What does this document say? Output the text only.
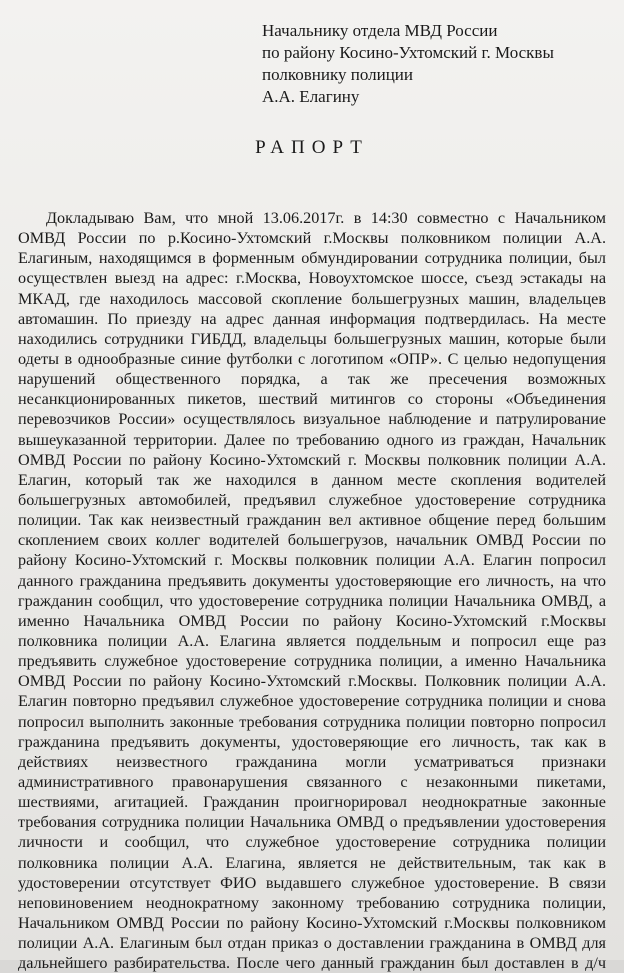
Начальнику отдела МВД России
по району Косино-Ухтомский г. Москвы
полковнику полиции
А.А. Елагину
РАПОРТ
Докладываю Вам, что мной 13.06.2017г. в 14:30 совместно с Начальником
ОМВД России по р.Косино-Ухтомский г.Москвы полковником полиции А.А.
Елагиным, находящимся в форменным обмундировании сотрудника полиции, был
осуществлен выезд на адрес: г.Москва, Новоухтомское шоссе, съезд эстакады на
МКАД, где находилось массовой скопление большегрузных машин, владельцев
автомашин. По приезду на адрес данная информация подтвердилась. На месте
находились сотрудники ГИБДД, владельцы большегрузных машин, которые были
одеты в однообразные синие футболки с логотипом «ОПР». С целью недопущения
нарушений общественного порядка, а так же пресечения возможных
несанкционированных пикетов, шествий митингов со стороны «Объединения
перевозчиков России» осуществлялось визуальное наблюдение и патрулирование
вышеуказанной территории. Далее по требованию одного из граждан, Начальник
ОМВД России по району Косино-Ухтомский г. Москвы полковник полиции А.А.
Елагин, который так же находился в данном месте скопления водителей
большегрузных автомобилей, предъявил служебное удостоверение сотрудника
полиции. Так как неизвестный гражданин вел активное общение перед большим
скоплением своих коллег водителей большегрузов, начальник ОМВД России по
району Косино-Ухтомский г. Москвы полковник полиции А.А. Елагин попросил
данного гражданина предъявить документы удостоверяющие его личность, на что
гражданин сообщил, что удостоверение сотрудника полиции Начальника ОМВД, а
именно Начальника ОМВД России по району Косино-Ухтомский г.Москвы
полковника полиции А.А. Елагина является поддельным и попросил еще раз
предъявить служебное удостоверение сотрудника полиции, а именно Начальника
ОМВД России по району Косино-Ухтомский г.Москвы. Полковник полиции А.А.
Елагин повторно предъявил служебное удостоверение сотрудника полиции и снова
попросил выполнить законные требования сотрудника полиции повторно попросил
гражданина предъявить документы, удостоверяющие его личность, так как в
действиях неизвестного гражданина могли усматриваться признаки
административного правонарушения связанного с незаконными пикетами,
шествиями, агитацией. Гражданин проигнорировал неоднократные законные
требования сотрудника полиции Начальника ОМВД о предъявлении удостоверения
личности и сообщил, что служебное удостоверение сотрудника полиции
полковника полиции А.А. Елагина, является не действительным, так как в
удостоверении отсутствует ФИО выдавшего служебное удостоверение. В связи
неповиновением неоднократному законному требованию сотрудника полиции,
Начальником ОМВД России по району Косино-Ухтомский г.Москвы полковником
полиции А.А. Елагиным был отдан приказ о доставлении гражданина в ОМВД для
дальнейшего разбирательства. После чего данный гражданин был доставлен в д/ч
